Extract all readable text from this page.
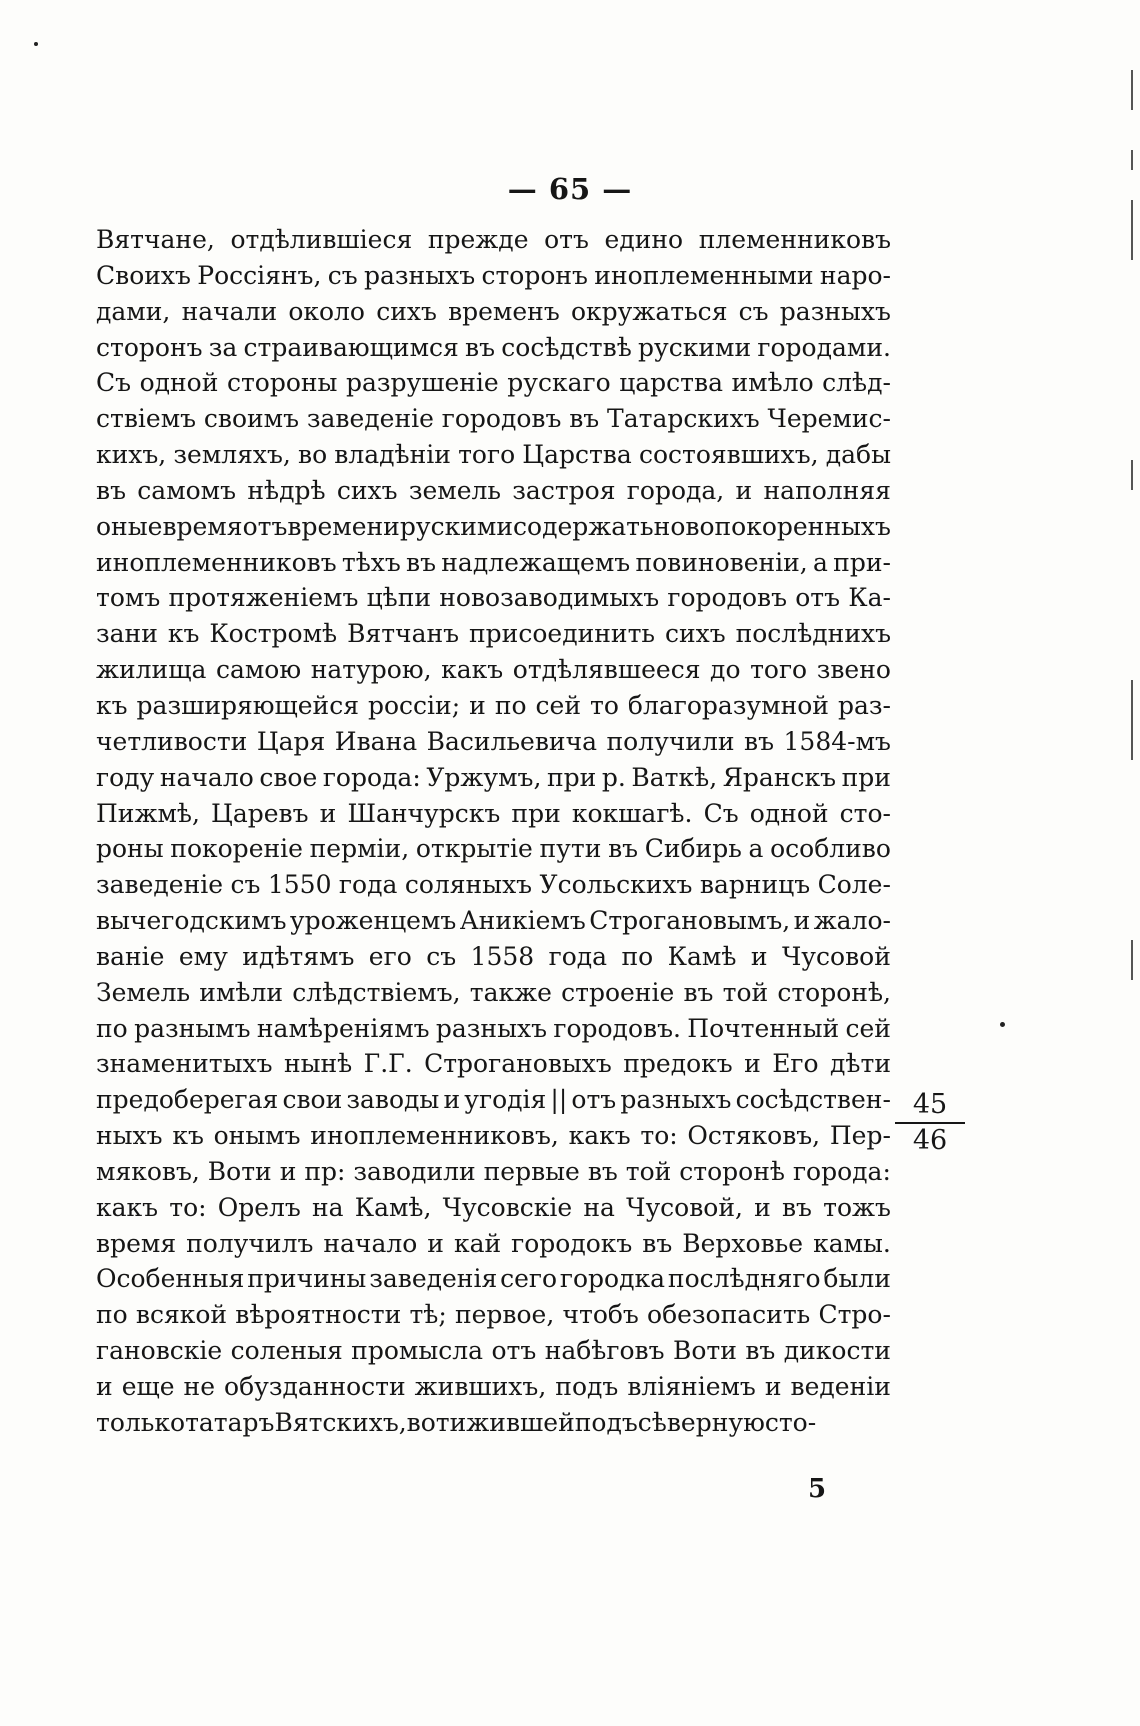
— 65 —
Вятчане, отдѣлившіеся прежде отъ едино племенниковъ
Своихъ Россіянъ, съ разныхъ сторонъ иноплеменными наро-
дами, начали около сихъ временъ окружаться съ разныхъ
сторонъ за страивающимся въ сосѣдствѣ рускими городами.
Съ одной стороны разрушеніе рускаго царства имѣло слѣд-
ствіемъ своимъ заведеніе городовъ въ Татарскихъ Черемис-
кихъ, земляхъ, во владѣніи того Царства состоявшихъ, дабы
въ самомъ нѣдрѣ сихъ земель застроя города, и наполняя
оные время отъ времени рускими содержать новопокоренныхъ
иноплеменниковъ тѣхъ въ надлежащемъ повиновеніи, а при-
томъ протяженіемъ цѣпи новозаводимыхъ городовъ отъ Ка-
зани къ Костромѣ Вятчанъ присоединить сихъ послѣднихъ
жилища самою натурою, какъ отдѣлявшееся до того звено
къ разширяющейся россіи; и по сей то благоразумной раз-
четливости Царя Ивана Васильевича получили въ 1584-мъ
году начало свое города: Уржумъ, при р. Ваткѣ, Яранскъ при
Пижмѣ, Царевъ и Шанчурскъ при кокшагѣ. Съ одной сто-
роны покореніе перміи, открытіе пути въ Сибирь а особливо
заведеніе съ 1550 года соляныхъ Усольскихъ варницъ Соле-
вычегодскимъ уроженцемъ Аникіемъ Строгановымъ, и жало-
ваніе ему идѣтямъ его съ 1558 года по Камѣ и Чусовой
Земель имѣли слѣдствіемъ, также строеніе въ той сторонѣ,
по разнымъ намѣреніямъ разныхъ городовъ. Почтенный сей
знаменитыхъ нынѣ Г.Г. Строгановыхъ предокъ и Его дѣти
предоберегая свои заводы и угодія || отъ разныхъ сосѣдствен-
ныхъ къ онымъ иноплеменниковъ, какъ то: Остяковъ, Пер-
мяковъ, Воти и пр: заводили первые въ той сторонѣ города:
какъ то: Орелъ на Камѣ, Чусовскіе на Чусовой, и въ тожъ
время получилъ начало и кай городокъ въ Верховье камы.
Особенныя причины заведенія сего городка послѣдняго были
по всякой вѣроятности тѣ; первое, чтобъ обезопасить Стро-
гановскіе соленыя промысла отъ набѣговъ Воти въ дикости
и еще не обузданности жившихъ, подъ вліяніемъ и веденіи
только татаръ Вятскихъ, воти жившей подъ сѣверную сто-
5
45
46
